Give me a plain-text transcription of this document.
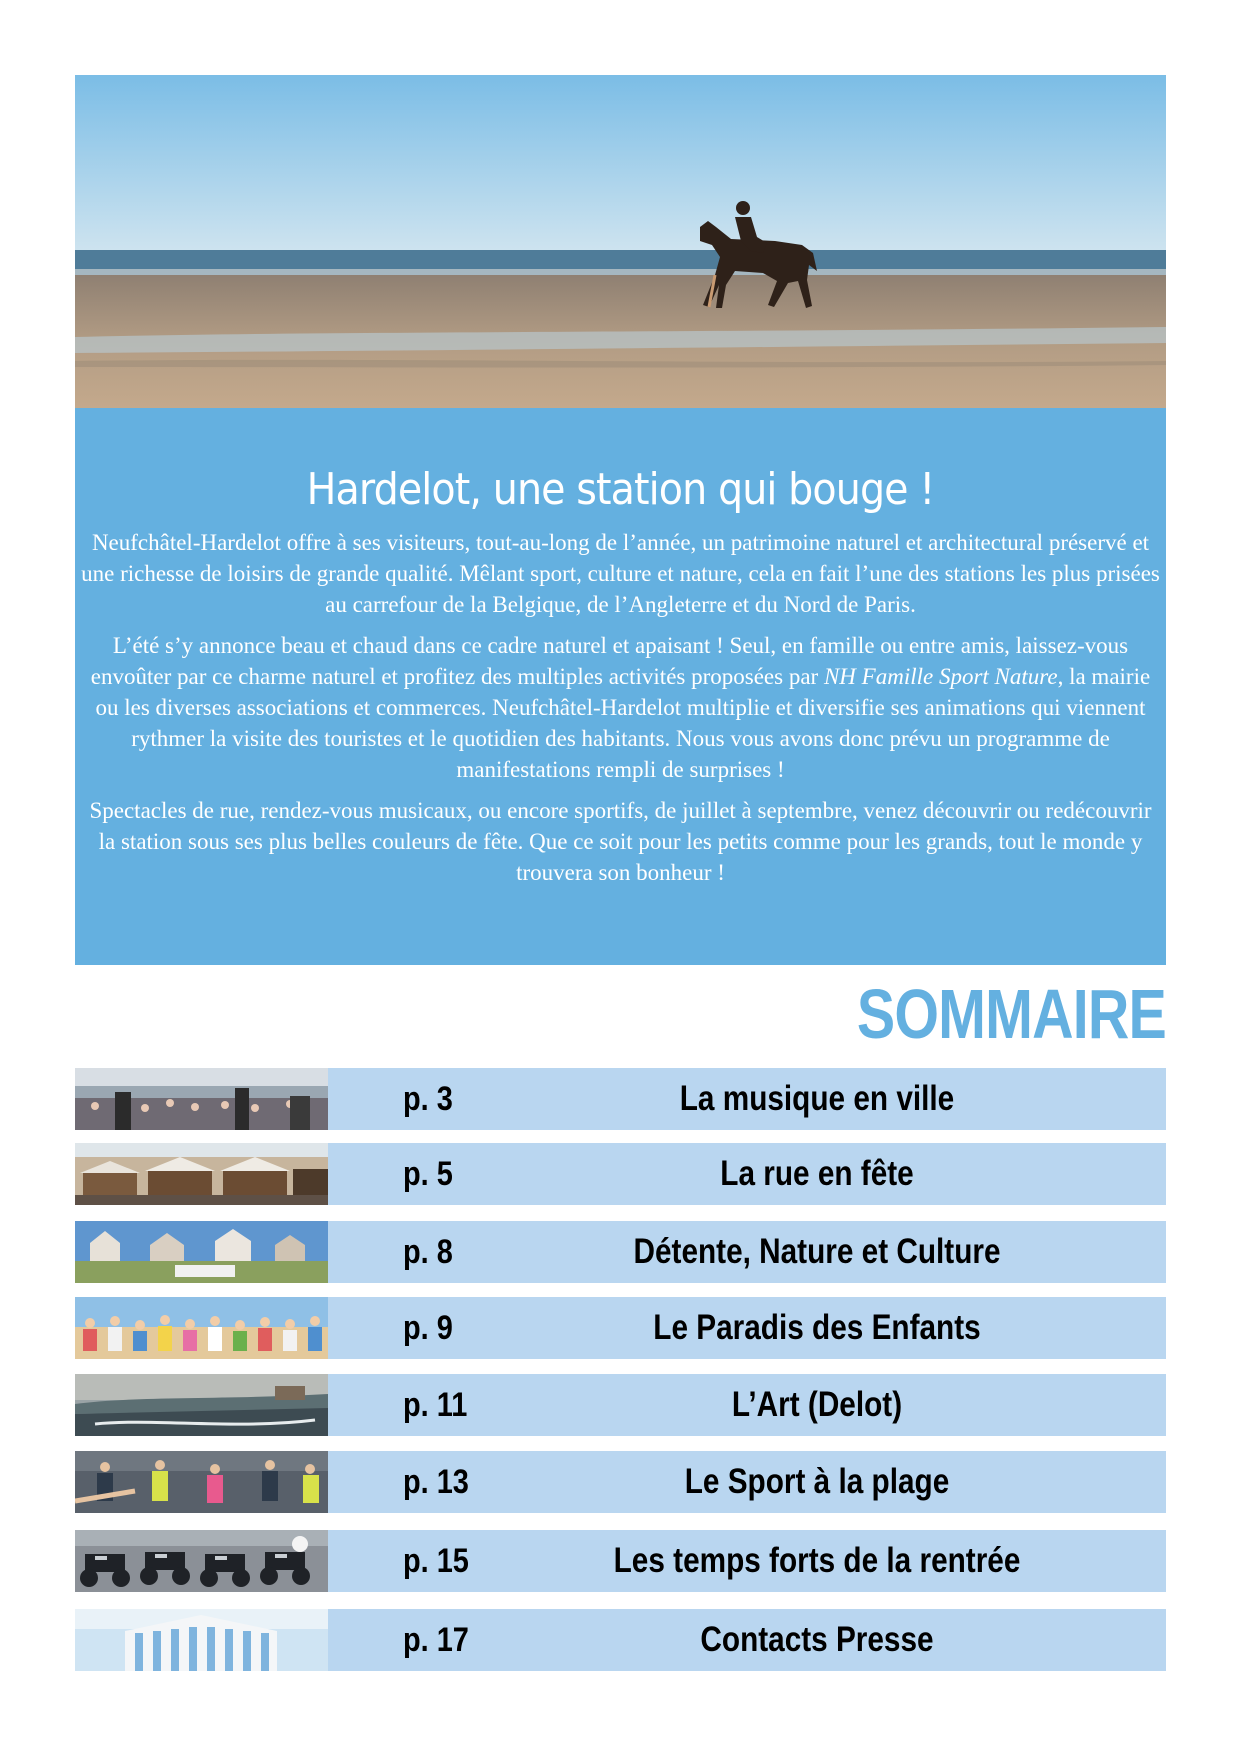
Hardelot, une station qui bouge !

Neufchâtel-Hardelot offre à ses visiteurs, tout-au-long de l’année, un patrimoine naturel et architectural préservé et une richesse de loisirs de grande qualité. Mêlant sport, culture et nature, cela en fait l’une des stations les plus prisées au carrefour de la Belgique, de l’Angleterre et du Nord de Paris.

L’été s’y annonce beau et chaud dans ce cadre naturel et apaisant ! Seul, en famille ou entre amis, laissez-vous envoûter par ce charme naturel et profitez des multiples activités proposées par NH Famille Sport Nature, la mairie ou les diverses associations et commerces. Neufchâtel-Hardelot multiplie et diversifie ses animations qui viennent rythmer la visite des touristes et le quotidien des habitants. Nous vous avons donc prévu un programme de manifestations rempli de surprises !

Spectacles de rue, rendez-vous musicaux, ou encore sportifs, de juillet à septembre, venez découvrir ou redécouvrir la station sous ses plus belles couleurs de fête. Que ce soit pour les petits comme pour les grands, tout le monde y trouvera son bonheur !

SOMMAIRE
p. 3	La musique en ville
p. 5	La rue en fête
p. 8	Détente, Nature et Culture
p. 9	Le Paradis des Enfants
p. 11	L’Art (Delot)
p. 13	Le Sport à la plage
p. 15	Les temps forts de la rentrée
p. 17	Contacts Presse
